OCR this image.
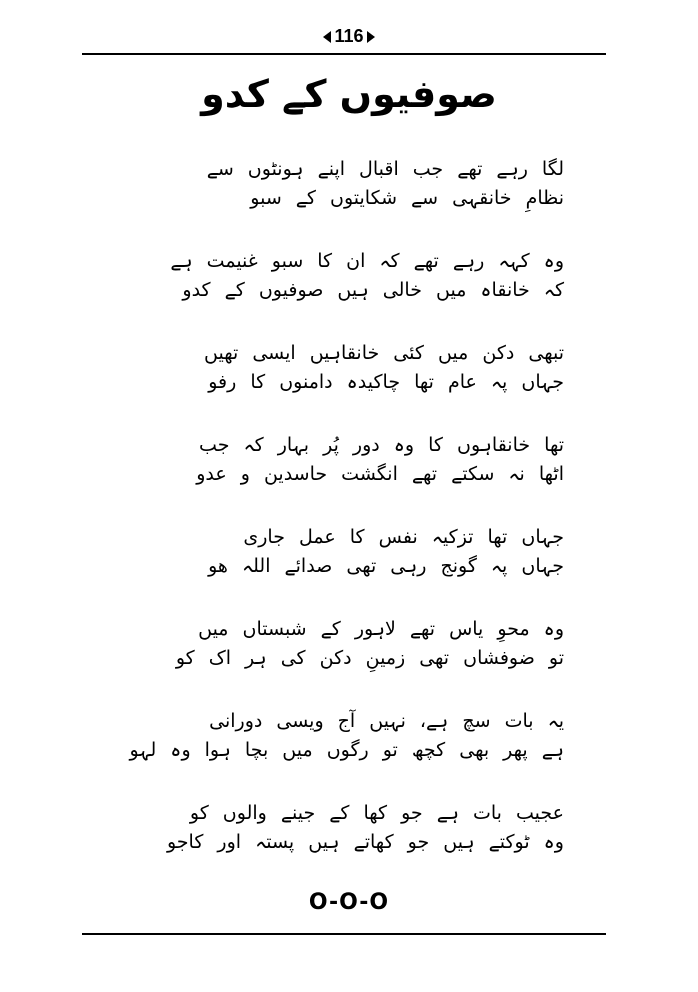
116
صوفیوں کے کدو
لگا رہے تھے جب اقبال اپنے ہونٹوں سے
نظامِ خانقہی سے شکایتوں کے سبو
وہ کہہ رہے تھے کہ ان کا سبو غنیمت ہے
کہ خانقاہ میں خالی ہیں صوفیوں کے کدو
تبھی دکن میں کئی خانقاہیں ایسی تھیں
جہاں پہ عام تھا چاکیدہ دامنوں کا رفو
تھا خانقاہوں کا وہ دور پُر بہار کہ جب
اٹھا نہ سکتے تھے انگشت حاسدین و عدو
جہاں تھا تزکیہ نفس کا عمل جاری
جہاں پہ گونج رہی تھی صدائے اللہ ھو
وہ محوِ یاس تھے لاہور کے شبستاں میں
تو ضوفشاں تھی زمینِ دکن کی ہر اک کو
یہ بات سچ ہے، نہیں آج ویسی دورانی
ہے پھر بھی کچھ تو رگوں میں بچا ہوا وہ لہو
عجیب بات ہے جو کھا کے جینے والوں کو
وہ ٹوکتے ہیں جو کھاتے ہیں پستہ اور کاجو
O-O-O
